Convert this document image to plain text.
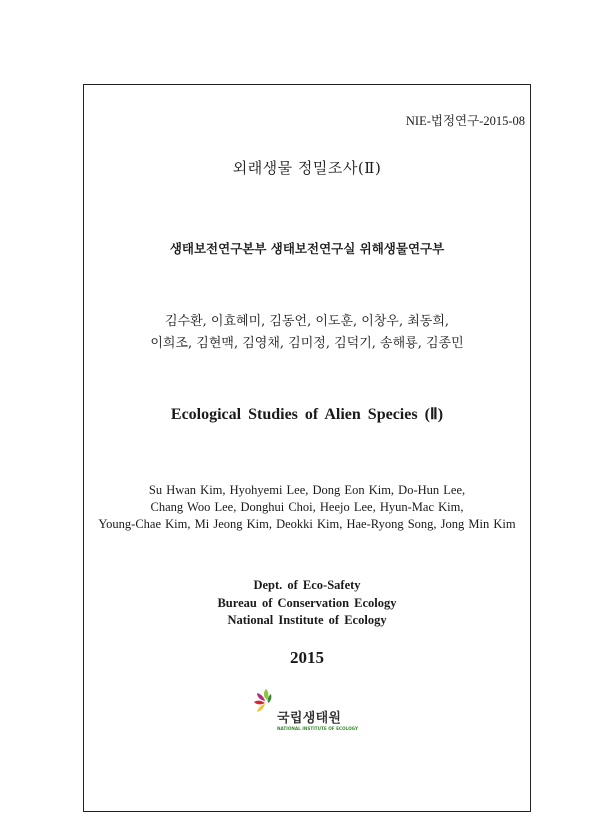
NIE-법정연구-2015-08
외래생물 정밀조사(Ⅱ)
생태보전연구본부 생태보전연구실 위해생물연구부
김수환, 이효혜미, 김동언, 이도훈, 이창우, 최동희,
이희조, 김현맥, 김영채, 김미정, 김덕기, 송해룡, 김종민
Ecological Studies of Alien Species (Ⅱ)
Su Hwan Kim, Hyohyemi Lee, Dong Eon Kim, Do-Hun Lee,
Chang Woo Lee, Donghui Choi, Heejo Lee, Hyun-Mac Kim,
Young-Chae Kim, Mi Jeong Kim, Deokki Kim, Hae-Ryong Song, Jong Min Kim
Dept. of Eco-Safety
Bureau of Conservation Ecology
National Institute of Ecology
2015
국립생태원
NATIONAL INSTITUTE OF ECOLOGY
